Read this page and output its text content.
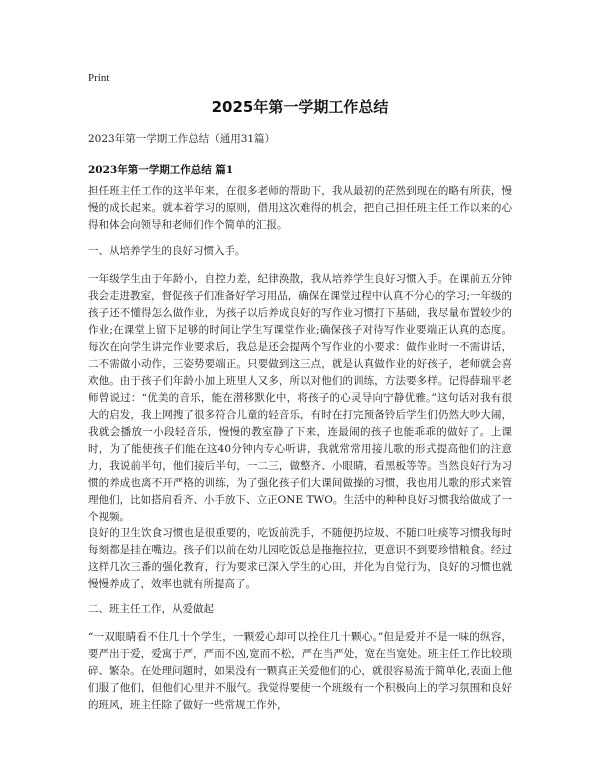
Print
2025年第一学期工作总结
2023年第一学期工作总结（通用31篇）
2023年第一学期工作总结 篇1

担任班主任工作的这半年来，在很多老师的帮助下，我从最初的茫然到现在的略有所获，慢慢的成长起来。就本着学习的原则，借用这次难得的机会，把自己担任班主任工作以来的心得和体会向领导和老师们作个简单的汇报。

一、从培养学生的良好习惯入手。

一年级学生由于年龄小，自控力差，纪律涣散，我从培养学生良好习惯入手。在课前五分钟我会走进教室，督促孩子们准备好学习用品，确保在课堂过程中认真不分心的学习;一年级的孩子还不懂得怎么做作业，为孩子以后养成良好的写作业习惯打下基础，我尽量布置较少的作业;在课堂上留下足够的时间让学生写课堂作业;确保孩子对待写作业要端正认真的态度。每次在向学生讲完作业要求后，我总是还会提两个写作业的小要求：做作业时一不需讲话，二不需做小动作，三姿势要端正。只要做到这三点，就是认真做作业的好孩子，老师就会喜欢他。由于孩子们年龄小加上班里人又多，所以对他们的训练，方法要多样。记得薛瑞平老师曾说过：“优美的音乐，能在潜移默化中，将孩子的心灵导向宁静优雅。”这句话对我有很大的启发，我上网搜了很多符合儿童的轻音乐，有时在打完预备铃后学生们仍然大吵大闹，我就会播放一小段轻音乐，慢慢的教室静了下来，连最闹的孩子也能乖乖的做好了。上课时，为了能使孩子们能在这40分钟内专心听讲，我就常常用接儿歌的形式提高他们的注意力，我说前半句，他们接后半句，一二三，做整齐、小眼睛，看黑板等等。当然良好行为习惯的养成也离不开严格的训练，为了强化孩子们大课间做操的习惯，我也用儿歌的形式来管理他们，比如搭肩看齐、小手放下、立正ONE TWO。生活中的种种良好习惯我给做成了一个视频。

良好的卫生饮食习惯也是很重要的，吃饭前洗手，不随便扔垃圾、不随口吐痰等习惯我每时每刻都是挂在嘴边。孩子们以前在幼儿园吃饭总是拖拖拉拉，更意识不到要珍惜粮食。经过这样几次三番的强化教育，行为要求已深入学生的心田，并化为自觉行为，良好的习惯也就慢慢养成了，效率也就有所提高了。

二、班主任工作，从爱做起

“一双眼睛看不住几十个学生，一颗爱心却可以拴住几十颗心。”但是爱并不是一味的纵容，要严出于爱，爱寓于严，严而不凶,宽而不松，严在当严处，宽在当宽处。班主任工作比较琐碎、繁杂。在处理问题时，如果没有一颗真正关爱他们的心，就很容易流于简单化,表面上他们服了他们，但他们心里并不服气。我觉得要使一个班级有一个积极向上的学习氛围和良好的班风，班主任除了做好一些常规工作外，
